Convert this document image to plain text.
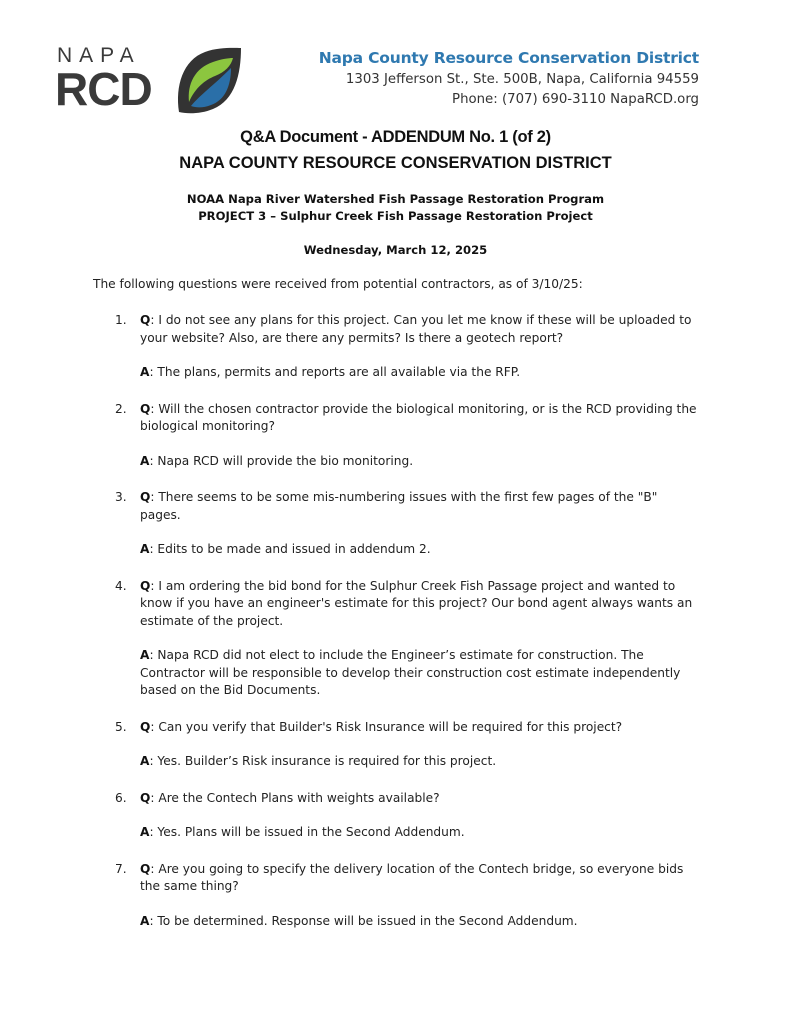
NAPA
RCD
Napa County Resource Conservation District
1303 Jefferson St., Ste. 500B, Napa, California 94559
Phone: (707) 690-3110 NapaRCD.org
Q&A Document - ADDENDUM No. 1 (of 2)
NAPA COUNTY RESOURCE CONSERVATION DISTRICT
NOAA Napa River Watershed Fish Passage Restoration Program
PROJECT 3 – Sulphur Creek Fish Passage Restoration Project
Wednesday, March 12, 2025
The following questions were received from potential contractors, as of 3/10/25:
1. Q: I do not see any plans for this project. Can you let me know if these will be uploaded to your website? Also, are there any permits? Is there a geotech report?
A: The plans, permits and reports are all available via the RFP.
2. Q: Will the chosen contractor provide the biological monitoring, or is the RCD providing the biological monitoring?
A: Napa RCD will provide the bio monitoring.
3. Q: There seems to be some mis-numbering issues with the first few pages of the "B" pages.
A: Edits to be made and issued in addendum 2.
4. Q: I am ordering the bid bond for the Sulphur Creek Fish Passage project and wanted to know if you have an engineer's estimate for this project? Our bond agent always wants an estimate of the project.
A: Napa RCD did not elect to include the Engineer’s estimate for construction. The Contractor will be responsible to develop their construction cost estimate independently based on the Bid Documents.
5. Q: Can you verify that Builder's Risk Insurance will be required for this project?
A: Yes. Builder’s Risk insurance is required for this project.
6. Q: Are the Contech Plans with weights available?
A: Yes. Plans will be issued in the Second Addendum.
7. Q: Are you going to specify the delivery location of the Contech bridge, so everyone bids the same thing?
A: To be determined. Response will be issued in the Second Addendum.
